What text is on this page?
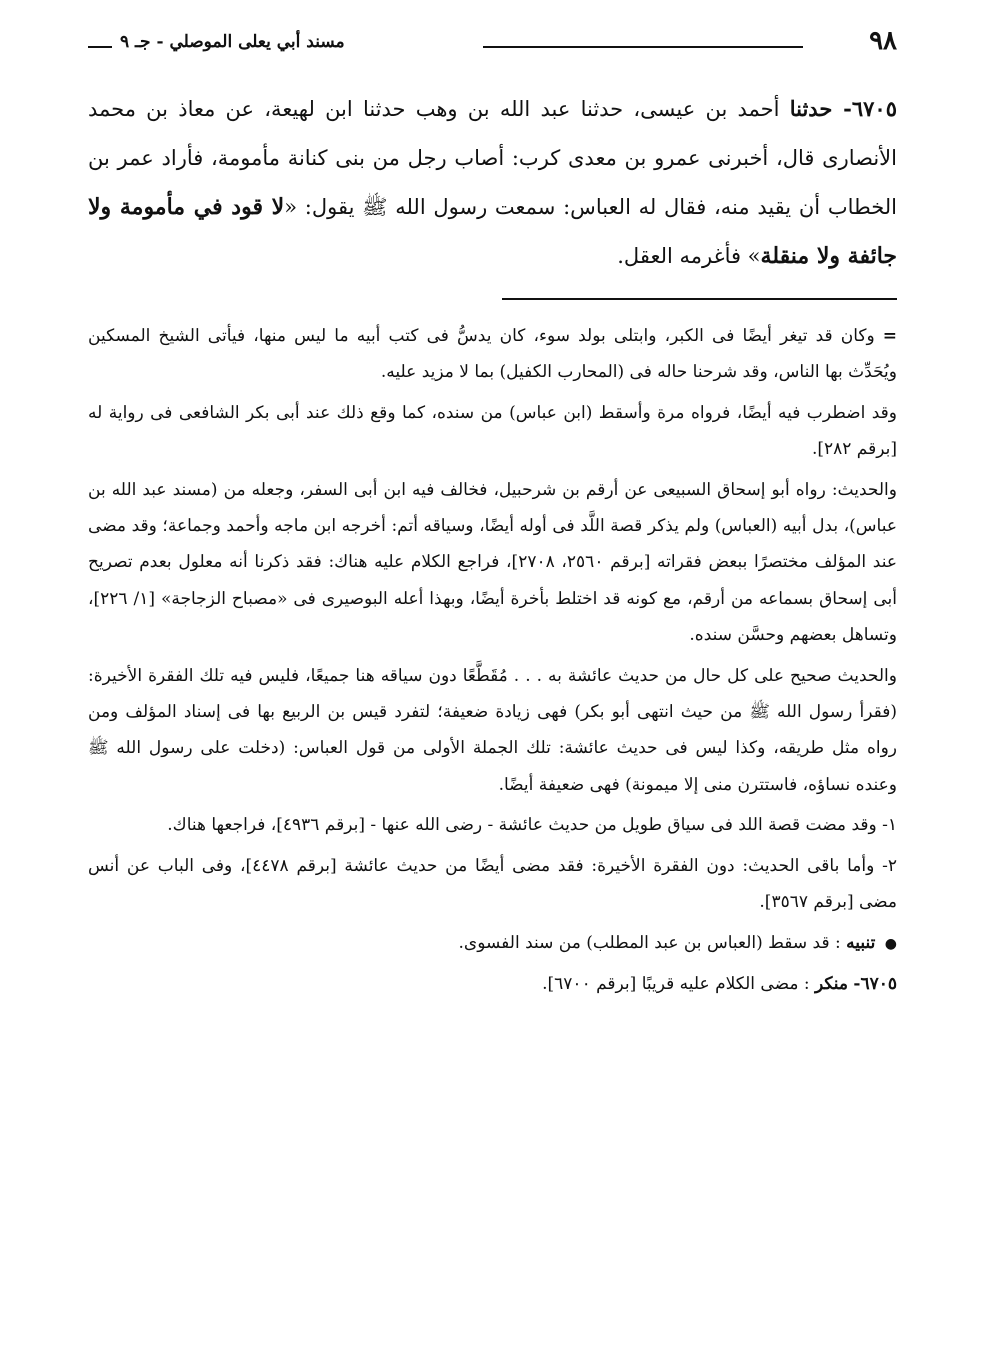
٩٨
مسند أبي يعلى الموصلي - جـ ٩
٦٧٠٥- حدثنا أحمد بن عيسى، حدثنا عبد الله بن وهب حدثنا ابن لهيعة، عن معاذ بن محمد الأنصارى قال، أخبرنى عمرو بن معدى كرب: أصاب رجل من بنى كنانة مأمومة، فأراد عمر بن الخطاب أن يقيد منه، فقال له العباس: سمعت رسول الله ﷺ يقول: «لا قود في مأمومة ولا جائفة ولا منقلة» فأغرمه العقل.

=وكان قد تيغر أيضًا فى الكبر، وابتلى بولد سوء، كان يدسُّ فى كتب أبيه ما ليس منها، فيأتى الشيخ المسكين ويُحَدِّث بها الناس، وقد شرحنا حاله فى (المحارب الكفيل) بما لا مزيد عليه.

وقد اضطرب فيه أيضًا، فرواه مرة وأسقط (ابن عباس) من سنده، كما وقع ذلك عند أبى بكر الشافعى فى رواية له [برقم ٢٨٢].

والحديث: رواه أبو إسحاق السبيعى عن أرقم بن شرحبيل، فخالف فيه ابن أبى السفر، وجعله من (مسند عبد الله بن عباس)، بدل أبيه (العباس) ولم يذكر قصة اللَّد فى أوله أيضًا، وسياقه أتم: أخرجه ابن ماجه وأحمد وجماعة؛ وقد مضى عند المؤلف مختصرًا ببعض فقراته [برقم ٢٥٦٠، ٢٧٠٨]، فراجع الكلام عليه هناك: فقد ذكرنا أنه معلول بعدم تصريح أبى إسحاق بسماعه من أرقم، مع كونه قد اختلط بأخرة أيضًا، وبهذا أعله البوصيرى فى «مصباح الزجاجة» [١/ ٢٢٦]، وتساهل بعضهم وحسَّن سنده.

والحديث صحيح على كل حال من حديث عائشة به . . . مُقَطَّعًا دون سياقه هنا جميعًا، فليس فيه تلك الفقرة الأخيرة: (فقرأ رسول الله ﷺ من حيث انتهى أبو بكر) فهى زيادة ضعيفة؛ لتفرد قيس بن الربيع بها فى إسناد المؤلف ومن رواه مثل طريقه، وكذا ليس فى حديث عائشة: تلك الجملة الأولى من قول العباس: (دخلت على رسول الله ﷺ وعنده نساؤه، فاستترن منى إلا ميمونة) فهى ضعيفة أيضًا.

١- وقد مضت قصة اللد فى سياق طويل من حديث عائشة - رضى الله عنها - [برقم ٤٩٣٦]، فراجعها هناك.

٢- وأما باقى الحديث: دون الفقرة الأخيرة: فقد مضى أيضًا من حديث عائشة [برقم ٤٤٧٨]، وفى الباب عن أنس مضى [برقم ٣٥٦٧].

● تنبيه : قد سقط (العباس بن عبد المطلب) من سند الفسوى.

٦٧٠٥- منكر : مضى الكلام عليه قريبًا [برقم ٦٧٠٠].
